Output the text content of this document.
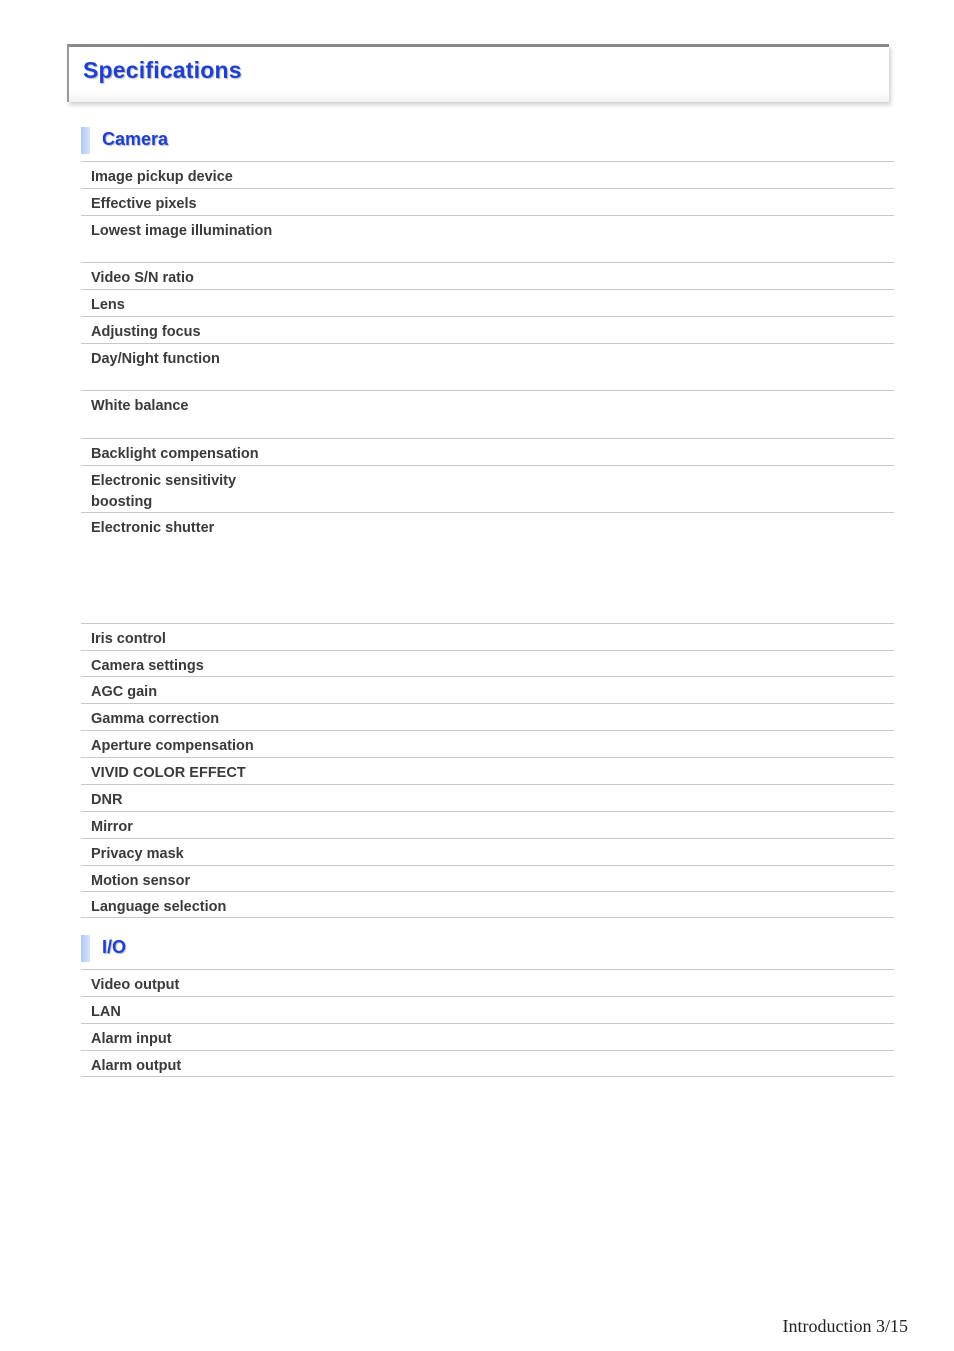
Specifications
Camera
Image pickup device
Effective pixels
Lowest image illumination
Video S/N ratio
Lens
Adjusting focus
Day/Night function
White balance
Backlight compensation
Electronic sensitivity boosting
Electronic shutter
Iris control
Camera settings
AGC gain
Gamma correction
Aperture compensation
VIVID COLOR EFFECT
DNR
Mirror
Privacy mask
Motion sensor
Language selection
I/O
Video output
LAN
Alarm input
Alarm output
Introduction 3/15
